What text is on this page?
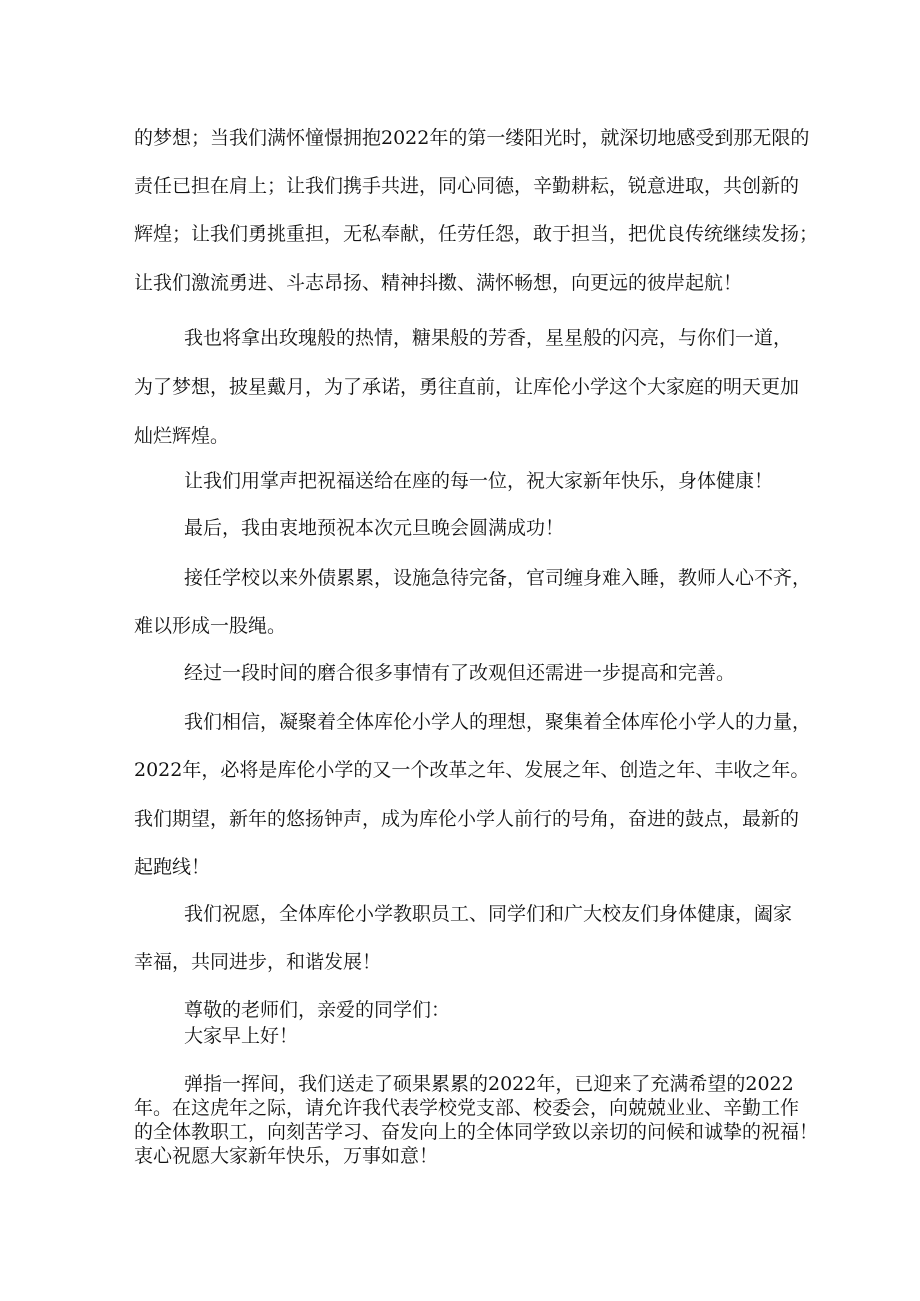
的梦想；当我们满怀憧憬拥抱2022年的第一缕阳光时，就深切地感受到那无限的
责任已担在肩上；让我们携手共进，同心同德，辛勤耕耘，锐意进取，共创新的
辉煌；让我们勇挑重担，无私奉献，任劳任怨，敢于担当，把优良传统继续发扬；
让我们激流勇进、斗志昂扬、精神抖擞、满怀畅想，向更远的彼岸起航！
我也将拿出玫瑰般的热情，糖果般的芳香，星星般的闪亮，与你们一道，
为了梦想，披星戴月，为了承诺，勇往直前，让库伦小学这个大家庭的明天更加
灿烂辉煌。
让我们用掌声把祝福送给在座的每一位，祝大家新年快乐，身体健康！
最后，我由衷地预祝本次元旦晚会圆满成功！
接任学校以来外债累累，设施急待完备，官司缠身难入睡，教师人心不齐，
难以形成一股绳。
经过一段时间的磨合很多事情有了改观但还需进一步提高和完善。
我们相信，凝聚着全体库伦小学人的理想，聚集着全体库伦小学人的力量，
2022年，必将是库伦小学的又一个改革之年、发展之年、创造之年、丰收之年。
我们期望，新年的悠扬钟声，成为库伦小学人前行的号角，奋进的鼓点，最新的
起跑线！
我们祝愿，全体库伦小学教职员工、同学们和广大校友们身体健康，阖家
幸福，共同进步，和谐发展！
尊敬的老师们，亲爱的同学们：
大家早上好！
弹指一挥间，我们送走了硕果累累的2022年，已迎来了充满希望的2022
年。在这虎年之际，请允许我代表学校党支部、校委会，向兢兢业业、辛勤工作
的全体教职工，向刻苦学习、奋发向上的全体同学致以亲切的问候和诚挚的祝福！
衷心祝愿大家新年快乐，万事如意！
